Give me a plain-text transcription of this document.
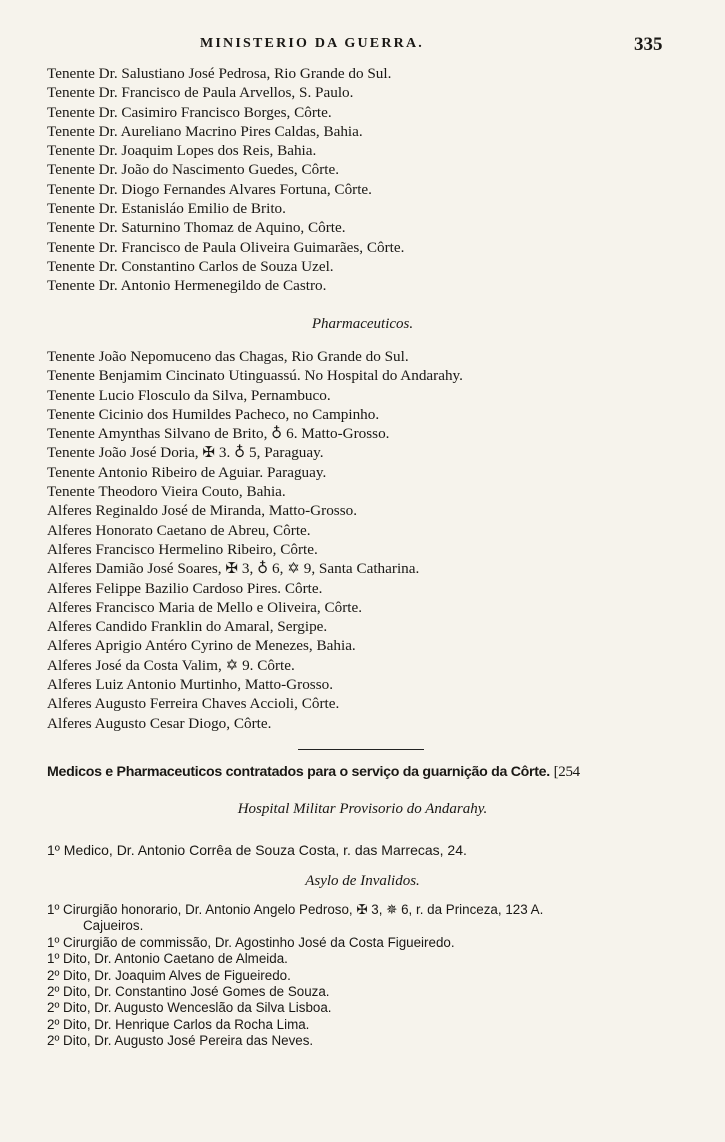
MINISTERIO DA GUERRA.	335
Tenente Dr. Salustiano José Pedrosa, Rio Grande do Sul.
Tenente Dr. Francisco de Paula Arvellos, S. Paulo.
Tenente Dr. Casimiro Francisco Borges, Côrte.
Tenente Dr. Aureliano Macrino Pires Caldas, Bahia.
Tenente Dr. Joaquim Lopes dos Reis, Bahia.
Tenente Dr. João do Nascimento Guedes, Côrte.
Tenente Dr. Diogo Fernandes Alvares Fortuna, Côrte.
Tenente Dr. Estanisláo Emilio de Brito.
Tenente Dr. Saturnino Thomaz de Aquino, Côrte.
Tenente Dr. Francisco de Paula Oliveira Guimarães, Côrte.
Tenente Dr. Constantino Carlos de Souza Uzel.
Tenente Dr. Antonio Hermenegildo de Castro.
Pharmaceuticos.
Tenente João Nepomuceno das Chagas, Rio Grande do Sul.
Tenente Benjamim Cincinato Utinguassú. No Hospital do Andarahy.
Tenente Lucio Flosculo da Silva, Pernambuco.
Tenente Cicinio dos Humildes Pacheco, no Campinho.
Tenente Amynthas Silvano de Brito, ♁ 6. Matto-Grosso.
Tenente João José Doria, ✠ 3. ♁ 5, Paraguay.
Tenente Antonio Ribeiro de Aguiar. Paraguay.
Tenente Theodoro Vieira Couto, Bahia.
Alferes Reginaldo José de Miranda, Matto-Grosso.
Alferes Honorato Caetano de Abreu, Côrte.
Alferes Francisco Hermelino Ribeiro, Côrte.
Alferes Damião José Soares, ✠ 3, ♁ 6, ✡ 9, Santa Catharina.
Alferes Felippe Bazilio Cardoso Pires. Côrte.
Alferes Francisco Maria de Mello e Oliveira, Côrte.
Alferes Candido Franklin do Amaral, Sergipe.
Alferes Aprigio Antéro Cyrino de Menezes, Bahia.
Alferes José da Costa Valim, ✡ 9. Côrte.
Alferes Luiz Antonio Murtinho, Matto-Grosso.
Alferes Augusto Ferreira Chaves Accioli, Côrte.
Alferes Augusto Cesar Diogo, Côrte.
Medicos e Pharmaceuticos contratados para o serviço da guarnição da Côrte. [254
Hospital Militar Provisorio do Andarahy.
1º Medico, Dr. Antonio Corrêa de Souza Costa, r. das Marrecas, 24.
Asylo de Invalidos.
1º Cirurgião honorario, Dr. Antonio Angelo Pedroso, ✠ 3, ✵ 6, r. da Princeza, 123 A.
Cajueiros.
1º Cirurgião de commissão, Dr. Agostinho José da Costa Figueiredo.
1º Dito, Dr. Antonio Caetano de Almeida.
2º Dito, Dr. Joaquim Alves de Figueiredo.
2º Dito, Dr. Constantino José Gomes de Souza.
2º Dito, Dr. Augusto Wenceslão da Silva Lisboa.
2º Dito, Dr. Henrique Carlos da Rocha Lima.
2º Dito, Dr. Augusto José Pereira das Neves.
